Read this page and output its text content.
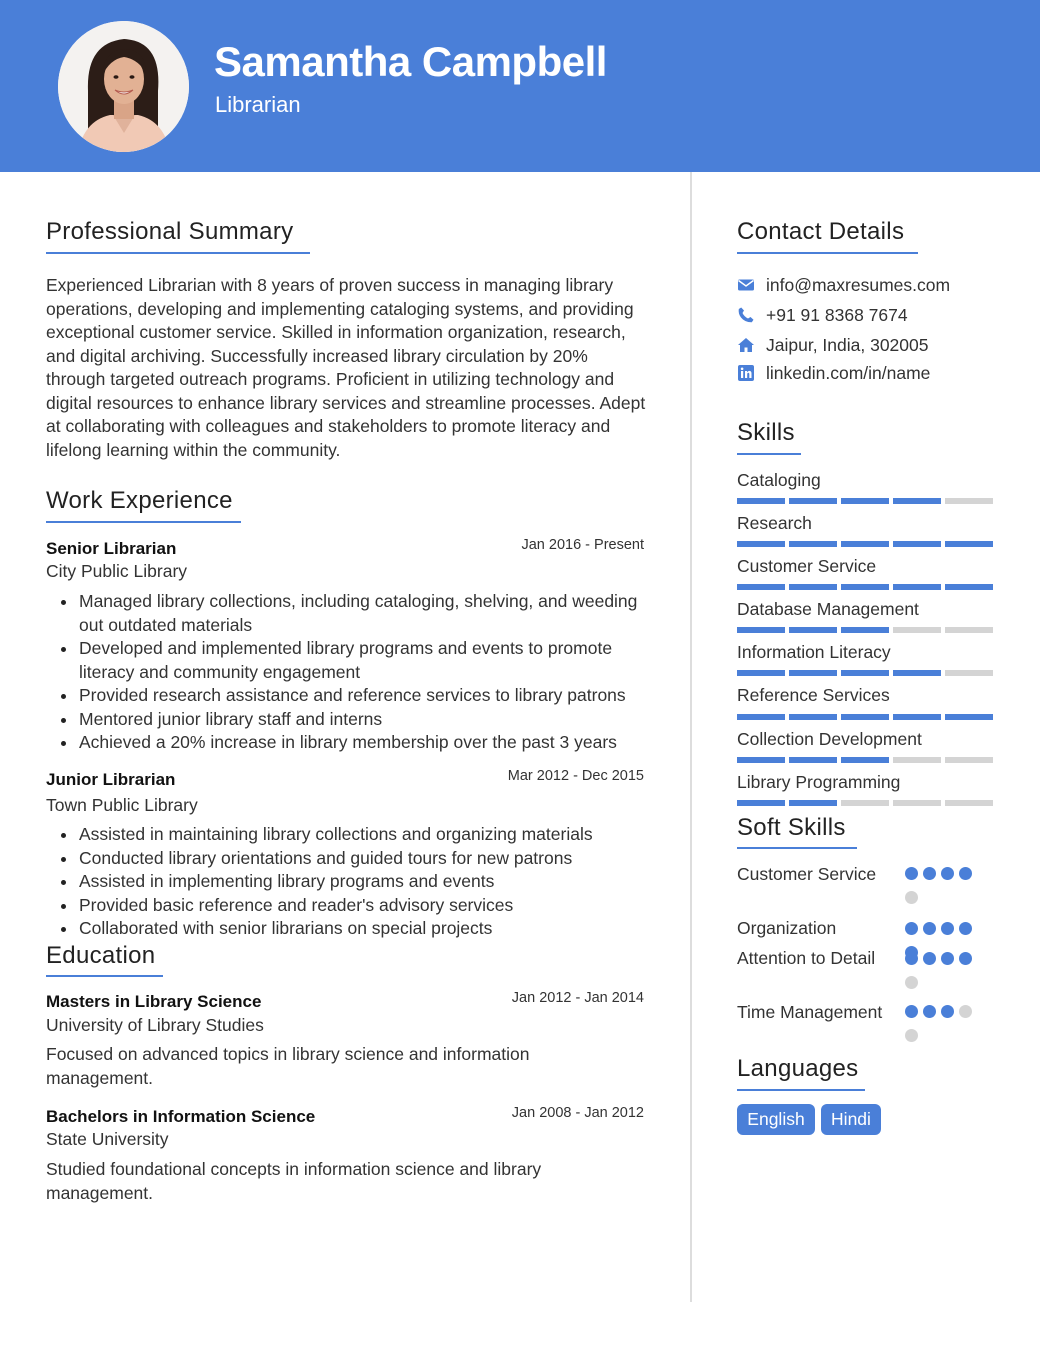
Samantha Campbell
Librarian
Professional Summary
Experienced Librarian with 8 years of proven success in managing library operations, developing and implementing cataloging systems, and providing exceptional customer service. Skilled in information organization, research, and digital archiving. Successfully increased library circulation by 20% through targeted outreach programs. Proficient in utilizing technology and digital resources to enhance library services and streamline processes. Adept at collaborating with colleagues and stakeholders to promote literacy and lifelong learning within the community.
Work Experience
Senior Librarian	Jan 2016 - Present
City Public Library
Managed library collections, including cataloging, shelving, and weeding out outdated materials
Developed and implemented library programs and events to promote literacy and community engagement
Provided research assistance and reference services to library patrons
Mentored junior library staff and interns
Achieved a 20% increase in library membership over the past 3 years
Junior Librarian	Mar 2012 - Dec 2015
Town Public Library
Assisted in maintaining library collections and organizing materials
Conducted library orientations and guided tours for new patrons
Assisted in implementing library programs and events
Provided basic reference and reader's advisory services
Collaborated with senior librarians on special projects
Education
Masters in Library Science	Jan 2012 - Jan 2014
University of Library Studies
Focused on advanced topics in library science and information management.
Bachelors in Information Science	Jan 2008 - Jan 2012
State University
Studied foundational concepts in information science and library management.
Contact Details
info@maxresumes.com
+91 91 8368 7674
Jaipur, India, 302005
linkedin.com/in/name
Skills
Cataloging
Research
Customer Service
Database Management
Information Literacy
Reference Services
Collection Development
Library Programming
Soft Skills
Customer Service
Organization
Attention to Detail
Time Management
Languages
English	Hindi
